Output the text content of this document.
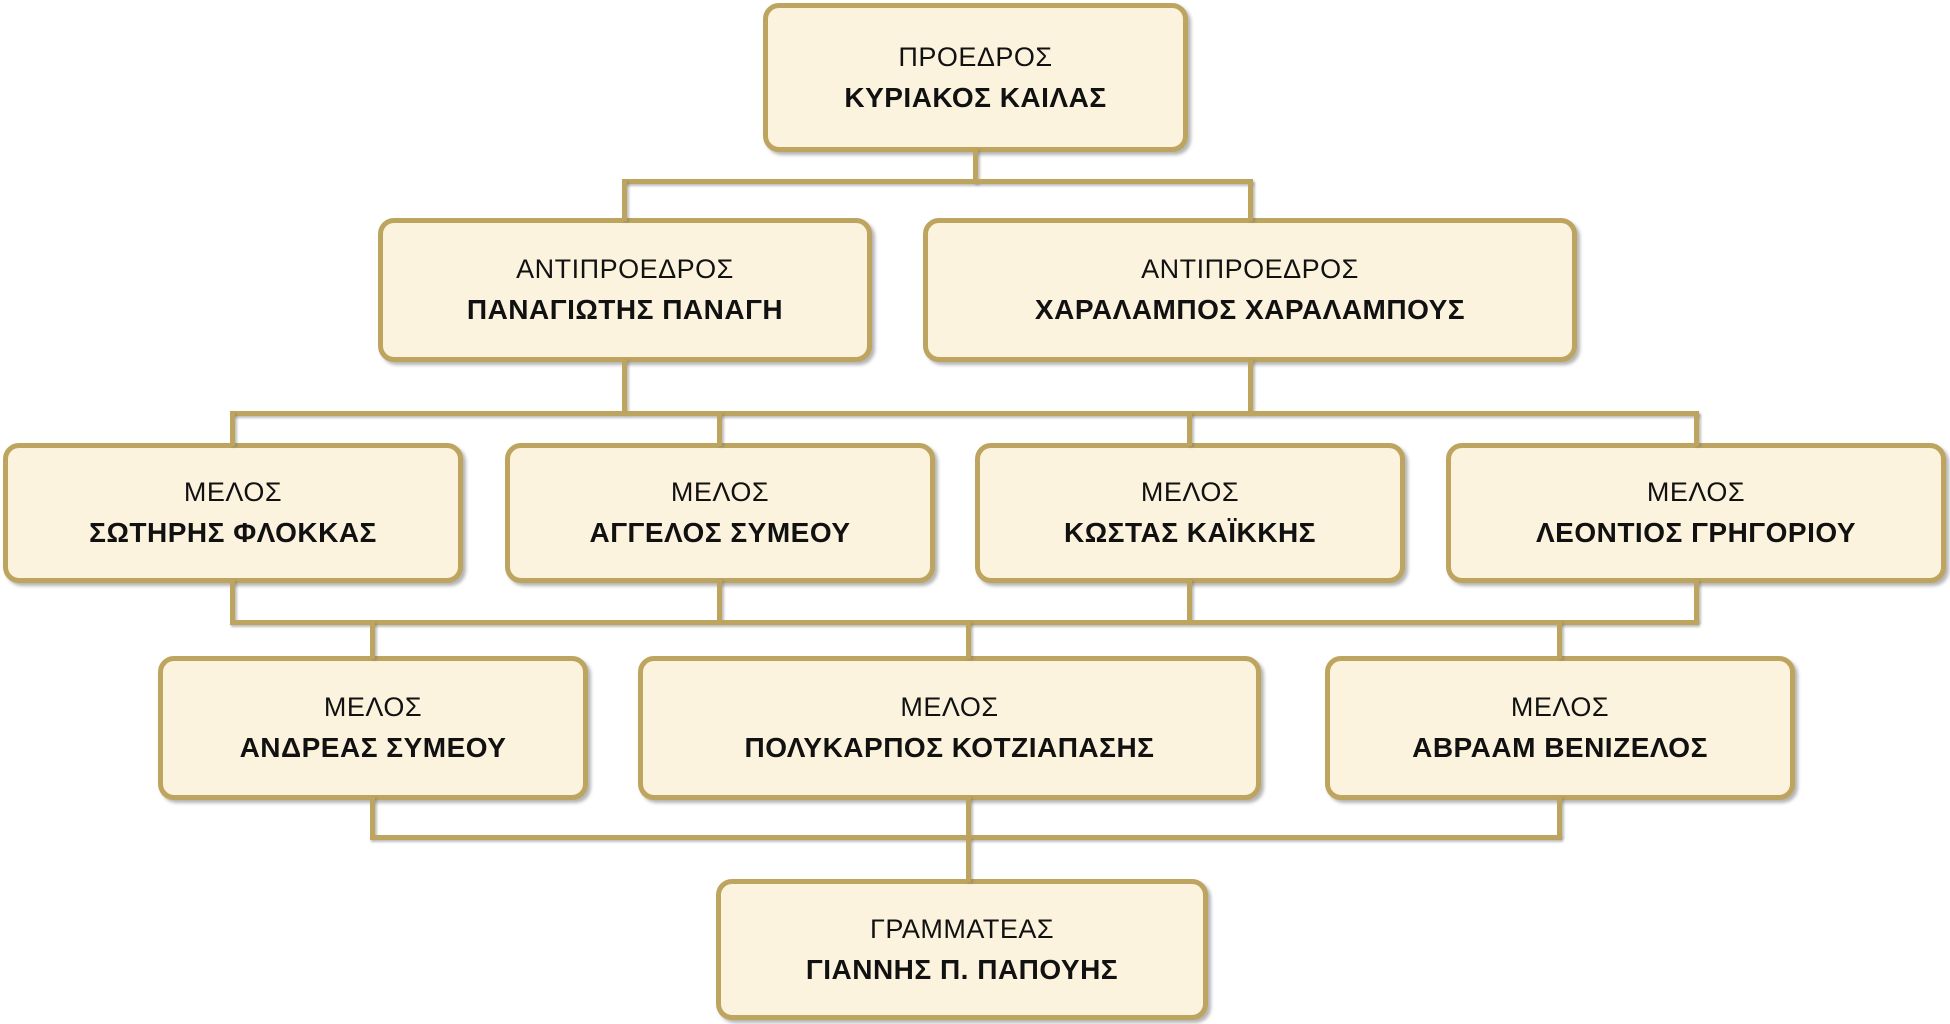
ΠΡΟΕΔΡΟΣ
ΚΥΡΙΑΚΟΣ ΚΑΙΛΑΣ
ΑΝΤΙΠΡΟΕΔΡΟΣ
ΠΑΝΑΓΙΩΤΗΣ ΠΑΝΑΓΗ
ΑΝΤΙΠΡΟΕΔΡΟΣ
ΧΑΡΑΛΑΜΠΟΣ ΧΑΡΑΛΑΜΠΟΥΣ
ΜΕΛΟΣ
ΣΩΤΗΡΗΣ ΦΛΟΚΚΑΣ
ΜΕΛΟΣ
ΑΓΓΕΛΟΣ ΣΥΜΕΟΥ
ΜΕΛΟΣ
ΚΩΣΤΑΣ ΚΑΪΚΚΗΣ
ΜΕΛΟΣ
ΛΕΟΝΤΙΟΣ ΓΡΗΓΟΡΙΟΥ
ΜΕΛΟΣ
ΑΝΔΡΕΑΣ ΣΥΜΕΟΥ
ΜΕΛΟΣ
ΠΟΛΥΚΑΡΠΟΣ ΚΟΤΖΙΑΠΑΣΗΣ
ΜΕΛΟΣ
ΑΒΡΑΑΜ ΒΕΝΙΖΕΛΟΣ
ΓΡΑΜΜΑΤΕΑΣ
ΓΙΑΝΝΗΣ Π. ΠΑΠΟΥΗΣ
